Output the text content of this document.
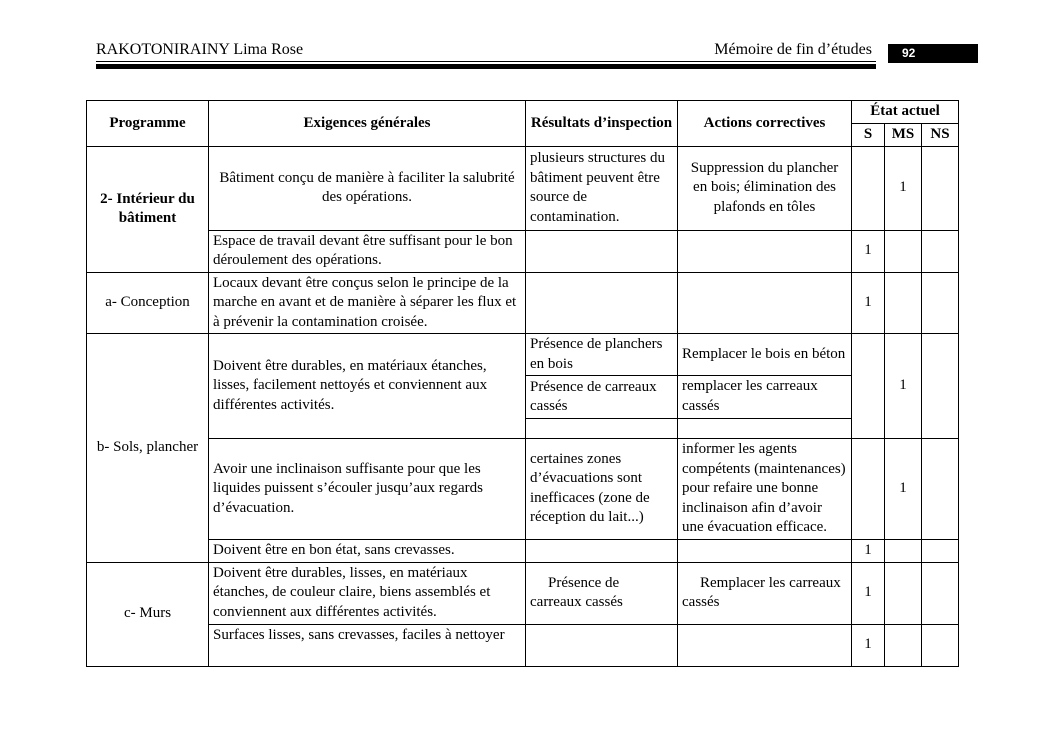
RAKOTONIRAINY Lima Rose	Mémoire de fin d’études	92
Programme	Exigences générales	Résultats d’inspection	Actions correctives	État actuel		
				S	MS	NS
2- Intérieur du bâtiment	Bâtiment conçu de manière à faciliter la salubrité des opérations.	plusieurs structures du bâtiment peuvent être source de contamination.	Suppression du plancher en bois; élimination des plafonds en tôles		1	
	Espace de travail devant être suffisant pour le bon déroulement des opérations.			1		
a- Conception	Locaux devant être conçus selon le principe de la marche en avant et de manière à séparer les flux et à prévenir la contamination croisée.			1		
b- Sols, plancher	Doivent être durables, en matériaux étanches, lisses, facilement nettoyés et conviennent aux différentes activités.	Présence de planchers en bois	Remplacer le bois en béton		1	
		Présence de carreaux cassés	remplacer les carreaux cassés			

	Avoir une inclinaison suffisante pour que les liquides puissent s’écouler jusqu’aux regards d’évacuation.	certaines zones d’évacuations sont inefficaces (zone de réception du lait...)	informer les agents compétents (maintenances) pour refaire une bonne inclinaison afin d’avoir une évacuation efficace.		1	
	Doivent être en bon état, sans crevasses.			1		
c- Murs	Doivent être durables, lisses, en matériaux étanches, de couleur claire, biens assemblés et conviennent aux différentes activités.	Présence de carreaux cassés	Remplacer les carreaux cassés	1		
	Surfaces lisses, sans crevasses, faciles à nettoyer			1		
